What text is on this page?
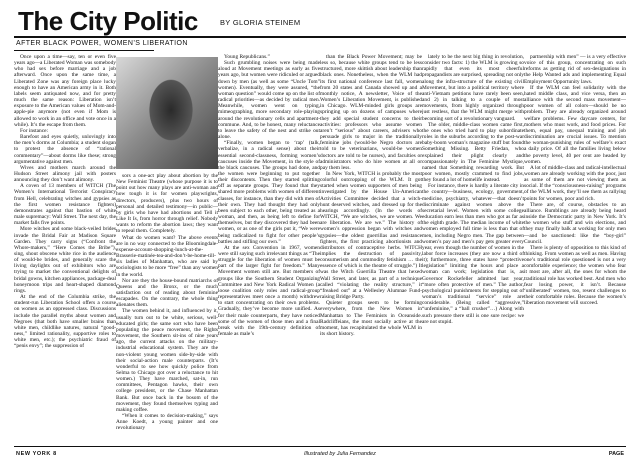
The City Politic	BY GLORIA STEINEM
AFTER BLACK POWER, WOMEN’S LIBERATION

Once upon a time—say, ten or even five years ago—a Liberated Woman was somebody who had sex before marriage and a job afterward. Once upon the same time, a Liberated Zone was any foreign place lucky enough to have an American army in it. Both labels seem antiquated now, and for pretty much the same reason: Liberation isn’t exposure to the American values of Mom-and-apple-pie anymore (not even if Mom is allowed to work in an office and vote once in a while). It’s the escape from them.

For instance:

Barefoot and eyes quietly, unlovingly into the men’s dorms at Columbia; a student slogan to protest the absence of “rational commentary”—about dorms like these; strong argumentative against men.

Wives and mothers march around the Hudson Street alimony jail with posters announcing they don’t want alimony.

A coven of 13 members of WITCH (The Women’s International Terrorist Conspiracy from Hell, celebrating witches and gypsies as the first women resistance fighters) demonstrates against that bastion of white male supremacy: Wall Street. The next day, the market falls five points.

More witches and some black-veiled brides invade the Bridal Fair at Madison Square Garden. They carry signs (“Confront the Whore-makers,” “Here Comes the Bribe”), sing, shout obscene white rice in the audience of would-be brides, and generally scare the living daylights out of exhibitors who are trying to market the conventional delights of bridal gowns, kitchen appliances, package-deal honeymoon trips and heart-shaped diamond rings.

At the end of the Columbia strike, the student-run Liberation School offers a course on women as an oppressed class. Discussions include the parallel myths about women and Negroes (that both have smaller brains than white men, childlike natures, natural “good-ness,” limited rationality, supportive roles to white men, etc.); the psychiatric fraud of “penis envy”; the suppression of

sors a one-act play about abortion by the New Feminist Theatre (whose purpose it is to point out how many plays are anti-woman and how tough it is for women playwrights, directors, producers), plus two hours of personal and detailed testimony—in public—by girls who have had abortions and Tell it Like It Is, from horror through relief. Nobody wants to reform the abortion laws; they want to repeal them. Completely.

What do women want? The above events are in no way connected to the Bloomingdale-expense-account-shopping-lunch-at-the-Brasserie-matinée-tea-and-don’t-be-home-till-six ladies of Manhattan, who are said by sociologists to be more “free” than any women in the world.

Nor are they the house-bound matriarchs of Queens and the Bronx, or the much satisfaction out of reading about feminine escapades. On the contrary, the whole thing alienates them.

The women behind it, and influenced by it, usually turn out to be white, serious, well-educated girls; the same sort who have been populating the peace movement, the Rights movement, the Southern sit-ins of nine years ago, the current attacks on the military-industrial educational system. They are the non-violent young women side-by-side with their social-action male counterparts. (It’s wonderful to see how quickly police from Selma to Chicago got over a reluctance to hit women.) They have marched, sat-in, run committees, Pentagon hawks, their own college president, or the Chase Manhattan Bank. But once back in the bosom of the movement, they found themselves typing and making coffee.

“When it comes to decision-making,” says Anne Koedt, a young painter and one revolutionary

Young Republicans.”

Such grumbling noises were being made aloud at Movement meetings as early as five years ago, but women were ridiculed or argued down by men (as well as some “Uncle Tom” women). Eventually, they were assured, “the woman question” would come up on the list of radical priorities—as decided by radical men. Meanwhile, women went on typing, mimeographing, more secondary role-playing around the revolutionary cells and apartment-commune. And, to be honest, many reluctance to leave the safety of the nest and strike out alone.

“Finally, women began to ‘rap’ (talk, verbalize, in a radical sense) about their essential second-classness, forming women’s caucuses inside the Movement, in the style of the black caucuses. The groups had done, and the women were beginning to put together their discontents. Then they started splitting off as separate groups. They found that they shared more problems with women of different classes, for instance, than they did with men of their own. They had thought they had only been subject to each other, being treated as a woman, and then, as being left to define for themselves, but they discovered they had been women, or as one of the girls put it, “We were being radicalized to fight for other people’s battles and stifling our own.”

At the sex Convention in 1967, women were still saying such irrelevant things as “The struggle for the liberation of women must be part of the larger fight for freedom.” Many Movement women still are. But members of groups like the Southern Student Organizing Committee and New York Radical Women (a loose coalition only roles and radical-group representatives meet once a month) withdrew to start concentrating on their own problems. Gradually, they’ve become more unified. As for their male counterparts, they have noticed some of the women of those men and a final break with the 19th-century definition of female as male’s

than the Black Power Movement; may be less so, because white groups tend to be less structured, more skittish about leadership than black ones. Nonetheless, when the WLM had its first national conference last fall, women from 20 states and Canada showed up and a monthly notice, A newsletter, Voice of the Women’s Liberation Movement, is published in Chicago. WLM-minded girls groups are springing up on dozens of campuses where they add special student concerns to their activities: professors who assume women aren’t “serious” about careers, advisers who persuade girls to major in the traditionally feminine jobs (would-be Negro doctors are told to be veterinarians, would-be women doctors are told to be nurses), and faculties or administrators who do hire women at all or pay them less.

In New York, WITCH is probably the most colorful outcropping of the WLM. It got started when women supporters of men being investigated by the House Un-American Activities Committee decided that a witch-hunt deserved witches, and dressed up for the hearings accordingly. (In the words of WITCH, “We are witches, we are women. We are liberation. We are we.” The history of women’s oppression began with witches and gypsies—the oldest guerrillas and resistance fighters, the first practicing abortionists and distributors of contraceptive herbs. WITCH implies the destruction of passivity, consumerism and commodity fetishism … the essence of which is the theatre of struggle.”) It was the Witch Guerrilla Theatre that hexed Wall Street, and later, as part of a technique called “violating the reality structure,” it “freaked out” at a Wellesley Alumnae Fund-raising Bridge Party.

Quieter groups seem to be forming everywhere, from the New Women in Manhattan to The Feminists in Oceanside. Radcliffeians, the most socially active at the moment, has recapitulated the whole WLM in its short history.

lately to be the next big thing in revolution, consider two facts: 1) the WLM is growing so rapidly that even its most cheerful propagandists are surprised, spreading not only along the infra-structure of the existing civil Movement, but into a political territory where anti-Vietnam petitions have rarely been seen, and 2) in talking to a couple of most movements, from highly organized through just restless, that the WLM might merge with becoming sort of a revolutionary vanguard.

The older, middle-class women came first, the ones who tried hard to play subordinate roles in the suburbs according to the post-war baby-boom woman’s magazine stuff but found Something Missing. Betty Friedan, who explained their plight clearly and compassionately in The Feminine Mystique, named that Something rewarding work. But poor women, mostly crammed to find jobs, they found a lot of homelife instead.

For instance, there is hardly a literate city in the country—business, ecology, government, medicine, psychiatry, whatever—that doesn’t discriminate against women above the secretarial level. Women with some college education earn less than men who got as far as the eighth grade. The median income of white women employed full time is less than that of men, including Negro men. The gap between women’s pay and men’s pay gets greater every year, even though the number of women in the labor force increases (they are now a third of it); furthermore, three states have “protective legislation” limiting the hours and place a woman can work; legislation that is, as Governor Rockefeller admitted last year, “more often protective of men.” The author, psychological punishments for stepping out of woman’s traditional “service” role are considerable. (Being called “aggressive,” “unfeminine,” a “ball crusher”…) Along with such pressure there still is one sure recipe: we are not stupid.

partnership with men” — is a very effective voice of this group, concentrating on such reforms as getting rid of sex-designations in the Help Wanted ads and implementing Equal Employment Opportunity laws.

If the WLM can feel solidarity with the hated middle class, and vice versa, then an alliance with the second mass movement—poor women of all colors—should be no problem. They are already organized around welfare problems. Few daycare centers, for mothers who must work, and food prices. For them, equal pay, unequal training and job discrimination are crucial issues. To mention the woman-punishing rules of welfare’s exact a daily price. Of all the families living below the poverty level, 40 per cent are headed by women.

A lot of middle-class and radical-intellectual women are already working with the poor, just as some of them are not viewing them as social. If the “consciousness-raising” programs of the WLM work, they’ll see them as rallying points for women, poor and rich.

There are, of course, obstacles to an alliance. Rumblings are already being heard inside the Democratic party in New York. It’s the women who stuff and win elections, and they may finally balk at working for only men—and be sanctioned: like the “boy-girl” Council.

There is plenty of opposition to this kind of thinking. From women as well as men. Having one’s traditional role questioned is not a very comfortable experience; the women who fear it most are, after all, the ones for whom the traditional role has worked best. And men who fear losing power, it isn’t. Because ‘unliberated’ women, too, resent challenges to their comfortable roles. Because the women’s liberation movement will succeed.

NEW YORK 8	Illustrated by Julia Fernandez	PAGE
